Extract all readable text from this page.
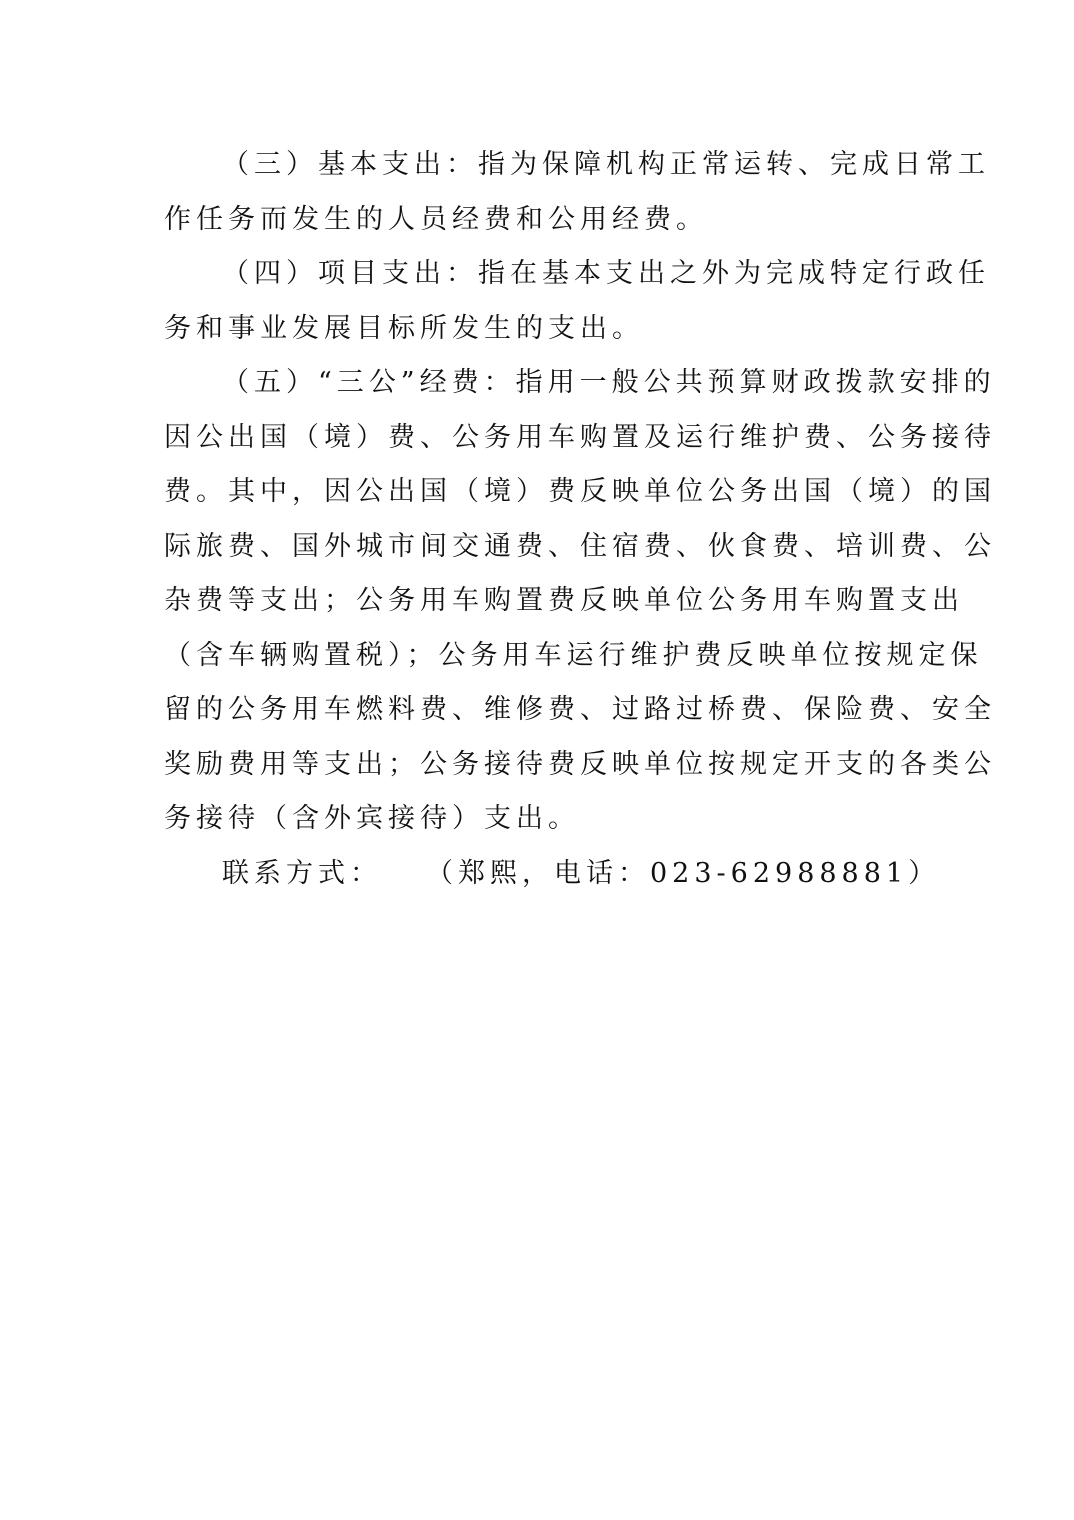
（三）基本支出：指为保障机构正常运转、完成日常工
作任务而发生的人员经费和公用经费。
（四）项目支出：指在基本支出之外为完成特定行政任
务和事业发展目标所发生的支出。
（五）“三公”经费：指用一般公共预算财政拨款安排的
因公出国（境）费、公务用车购置及运行维护费、公务接待
费。其中，因公出国（境）费反映单位公务出国（境）的国
际旅费、国外城市间交通费、住宿费、伙食费、培训费、公
杂费等支出；公务用车购置费反映单位公务用车购置支出
（含车辆购置税）；公务用车运行维护费反映单位按规定保
留的公务用车燃料费、维修费、过路过桥费、保险费、安全
奖励费用等支出；公务接待费反映单位按规定开支的各类公
务接待（含外宾接待）支出。
联系方式： （郑熙，电话：023-62988881）
